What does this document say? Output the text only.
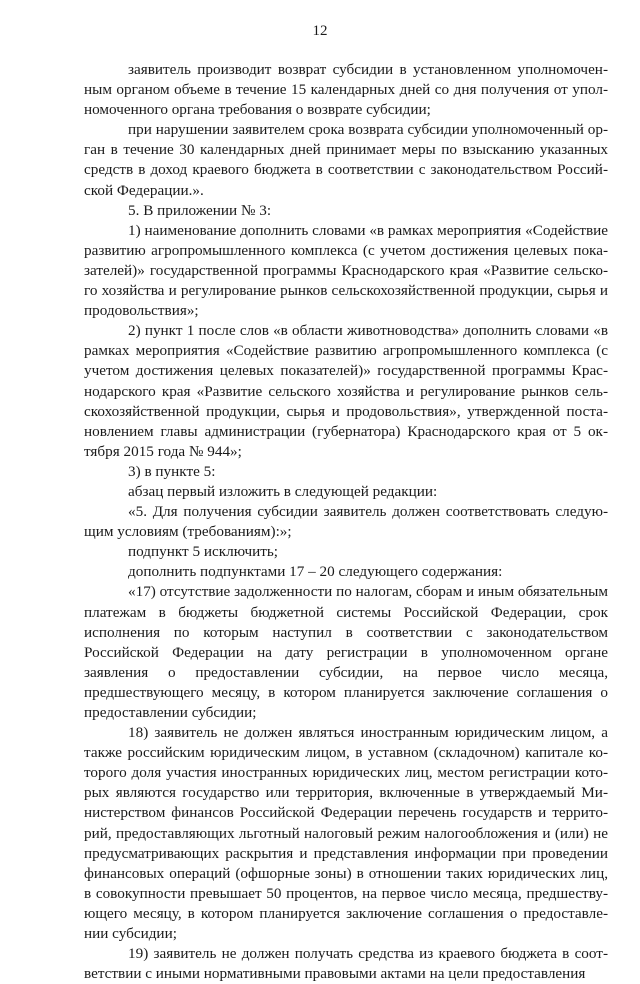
12

заявитель производит возврат субсидии в установленном уполномоченным органом объеме в течение 15 календарных дней со дня получения от уполномоченного органа требования о возврате субсидии;

при нарушении заявителем срока возврата субсидии уполномоченный орган в течение 30 календарных дней принимает меры по взысканию указанных средств в доход краевого бюджета в соответствии с законодательством Российской Федерации.».

5. В приложении № 3:

1) наименование дополнить словами «в рамках мероприятия «Содействие развитию агропромышленного комплекса (с учетом достижения целевых показателей)» государственной программы Краснодарского края «Развитие сельского хозяйства и регулирование рынков сельскохозяйственной продукции, сырья и продовольствия»;

2) пункт 1 после слов «в области животноводства» дополнить словами «в рамках мероприятия «Содействие развитию агропромышленного комплекса (с учетом достижения целевых показателей)» государственной программы Краснодарского края «Развитие сельского хозяйства и регулирование рынков сельскохозяйственной продукции, сырья и продовольствия», утвержденной постановлением главы администрации (губернатора) Краснодарского края от 5 октября 2015 года № 944»;

3) в пункте 5:

абзац первый изложить в следующей редакции:

«5. Для получения субсидии заявитель должен соответствовать следующим условиям (требованиям):»;

подпункт 5 исключить;

дополнить подпунктами 17 – 20 следующего содержания:

«17) отсутствие задолженности по налогам, сборам и иным обязательным платежам в бюджеты бюджетной системы Российской Федерации, срок исполнения по которым наступил в соответствии с законодательством Российской Федерации на дату регистрации в уполномоченном органе заявления о предоставлении субсидии, на первое число месяца, предшествующего месяцу, в котором планируется заключение соглашения о предоставлении субсидии;

18) заявитель не должен являться иностранным юридическим лицом, а также российским юридическим лицом, в уставном (складочном) капитале которого доля участия иностранных юридических лиц, местом регистрации которых являются государство или территория, включенные в утверждаемый Министерством финансов Российской Федерации перечень государств и территорий, предоставляющих льготный налоговый режим налогообложения и (или) не предусматривающих раскрытия и представления информации при проведении финансовых операций (офшорные зоны) в отношении таких юридических лиц, в совокупности превышает 50 процентов, на первое число месяца, предшествующего месяцу, в котором планируется заключение соглашения о предоставлении субсидии;

19) заявитель не должен получать средства из краевого бюджета в соответствии с иными нормативными правовыми актами на цели предоставления
